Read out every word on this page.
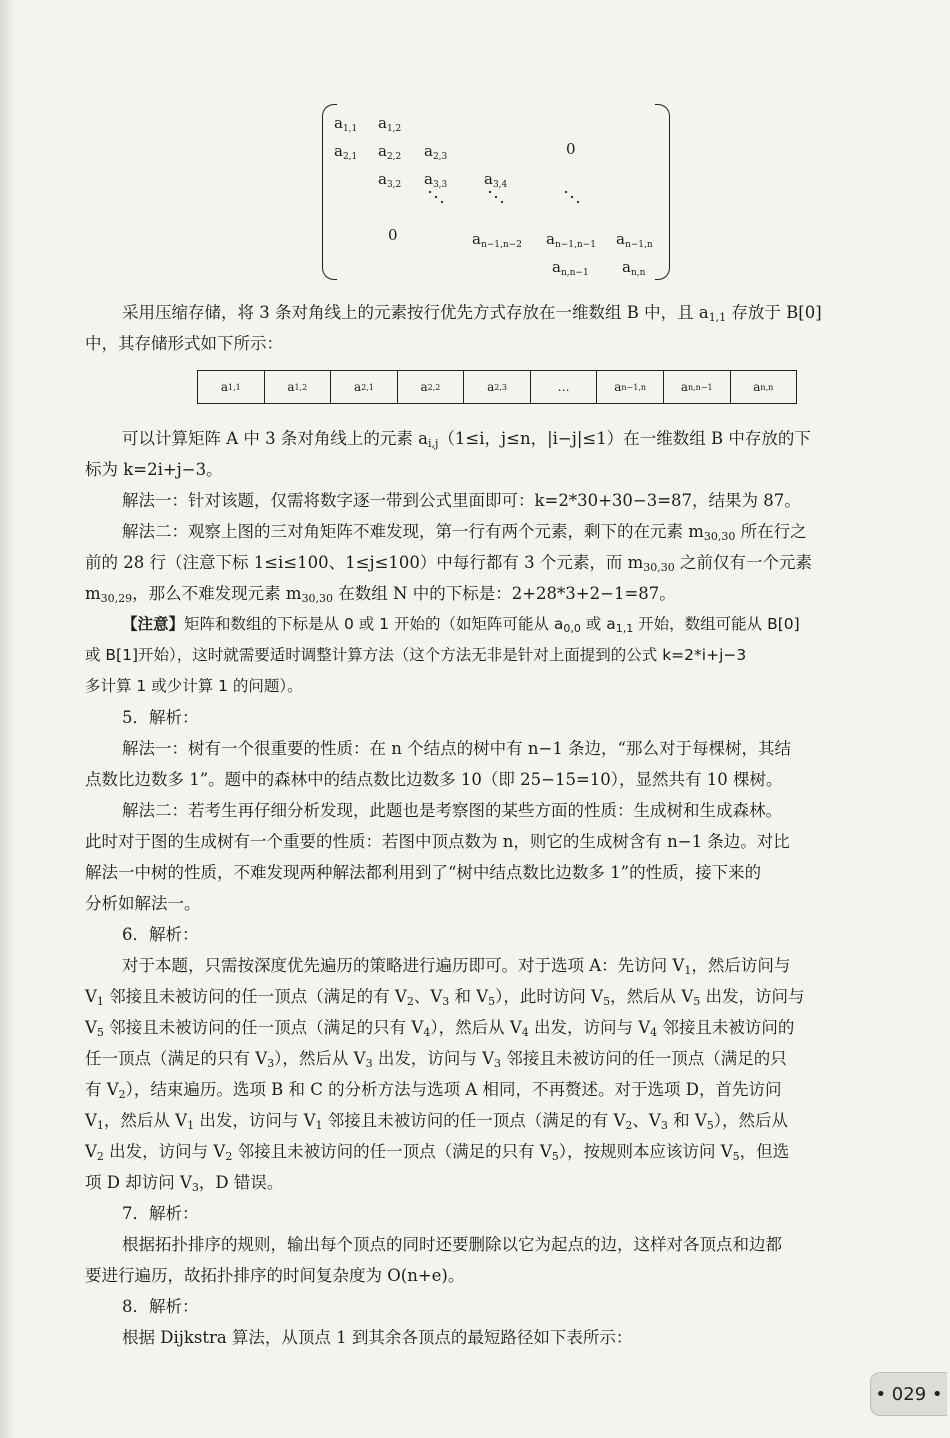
$a_{1,1}$ $a_{1,2}$
$a_{2,1}$ $a_{2,2}$ $a_{2,3}$	0
$a_{3,2}$ $a_{3,3}$ $a_{3,4}$
0	$a_{n-1,n-2}$ $a_{n-1,n-1}$ $a_{n-1,n}$
$a_{n,n-1}$ $a_{n,n}$
采用压缩存储，将 3 条对角线上的元素按行优先方式存放在一维数组 B 中，且 $a_{1,1}$ 存放于 B[0]
中，其存储形式如下所示：
a 1,1	a 1,2	a 2,1	a 2,2	a 2,3	…	a n−1,n	a n,n−1	a n,n
可以计算矩阵 A 中 3 条对角线上的元素 $a_{i,j}(1\le i$，j≤n，|i−j|≤1）在一维数组 B 中存放的下
标为 k=2i+j−3。
解法一：针对该题，仅需将数字逐一带到公式里面即可：k=2*30+30−3=87，结果为 87。
解法二：观察上图的三对角矩阵不难发现，第一行有两个元素，剩下的在元素 $m_{30,30}$ 所在行之
前的 28 行（注意下标 1≤i≤100、1≤j≤100）中每行都有 3 个元素，而 $m_{30,30}$ 之前仅有一个元素
$m_{30,29}$，那么不难发现元素 $m_{30,30}$ 在数组 N 中的下标是：2+28*3+2−1=87。
【注意】矩阵和数组的下标是从 0 或 1 开始的（如矩阵可能从 $a_{0,0}$ 或 $a_{1,1}$ 开始，数组可能从 B[0]
或 B[1]开始），这时就需要适时调整计算方法（这个方法无非是针对上面提到的公式 k=2*i+j−3
多计算 1 或少计算 1 的问题）。
5．解析：
解法一：树有一个很重要的性质：在 n 个结点的树中有 n−1 条边，“那么对于每棵树，其结
点数比边数多 1”。题中的森林中的结点数比边数多 10（即 25−15=10），显然共有 10 棵树。
解法二：若考生再仔细分析发现，此题也是考察图的某些方面的性质：生成树和生成森林。
此时对于图的生成树有一个重要的性质：若图中顶点数为 n，则它的生成树含有 n−1 条边。对比
解法一中树的性质，不难发现两种解法都利用到了“树中结点数比边数多 1”的性质，接下来的
分析如解法一。
6．解析：
对于本题，只需按深度优先遍历的策略进行遍历即可。对于选项 A：先访问 $V_1$，然后访问与
$V_1$ 邻接且未被访问的任一顶点（满足的有 $V_2$、$V_3$ 和 $V_5$），此时访问 $V_5$，然后从 $V_5$ 出发，访问与
$V_5$ 邻接且未被访问的任一顶点（满足的只有 $V_4$），然后从 $V_4$ 出发，访问与 $V_4$ 邻接且未被访问的
任一顶点（满足的只有 $V_3$），然后从 $V_3$ 出发，访问与 $V_3$ 邻接且未被访问的任一顶点（满足的只
有 $V_2$），结束遍历。选项 B 和 C 的分析方法与选项 A 相同，不再赘述。对于选项 D，首先访问
$V_1$，然后从 $V_1$ 出发，访问与 $V_1$ 邻接且未被访问的任一顶点（满足的有 $V_2$、$V_3$ 和 $V_5$），然后从
$V_2$ 出发，访问与 $V_2$ 邻接且未被访问的任一顶点（满足的只有 $V_5$），按规则本应该访问 $V_5$，但选
项 D 却访问 $V_3$，D 错误。
7．解析：
根据拓扑排序的规则，输出每个顶点的同时还要删除以它为起点的边，这样对各顶点和边都
要进行遍历，故拓扑排序的时间复杂度为 O(n+e)。
8．解析：
根据 Dijkstra 算法，从顶点 1 到其余各顶点的最短路径如下表所示：
• 029 •
